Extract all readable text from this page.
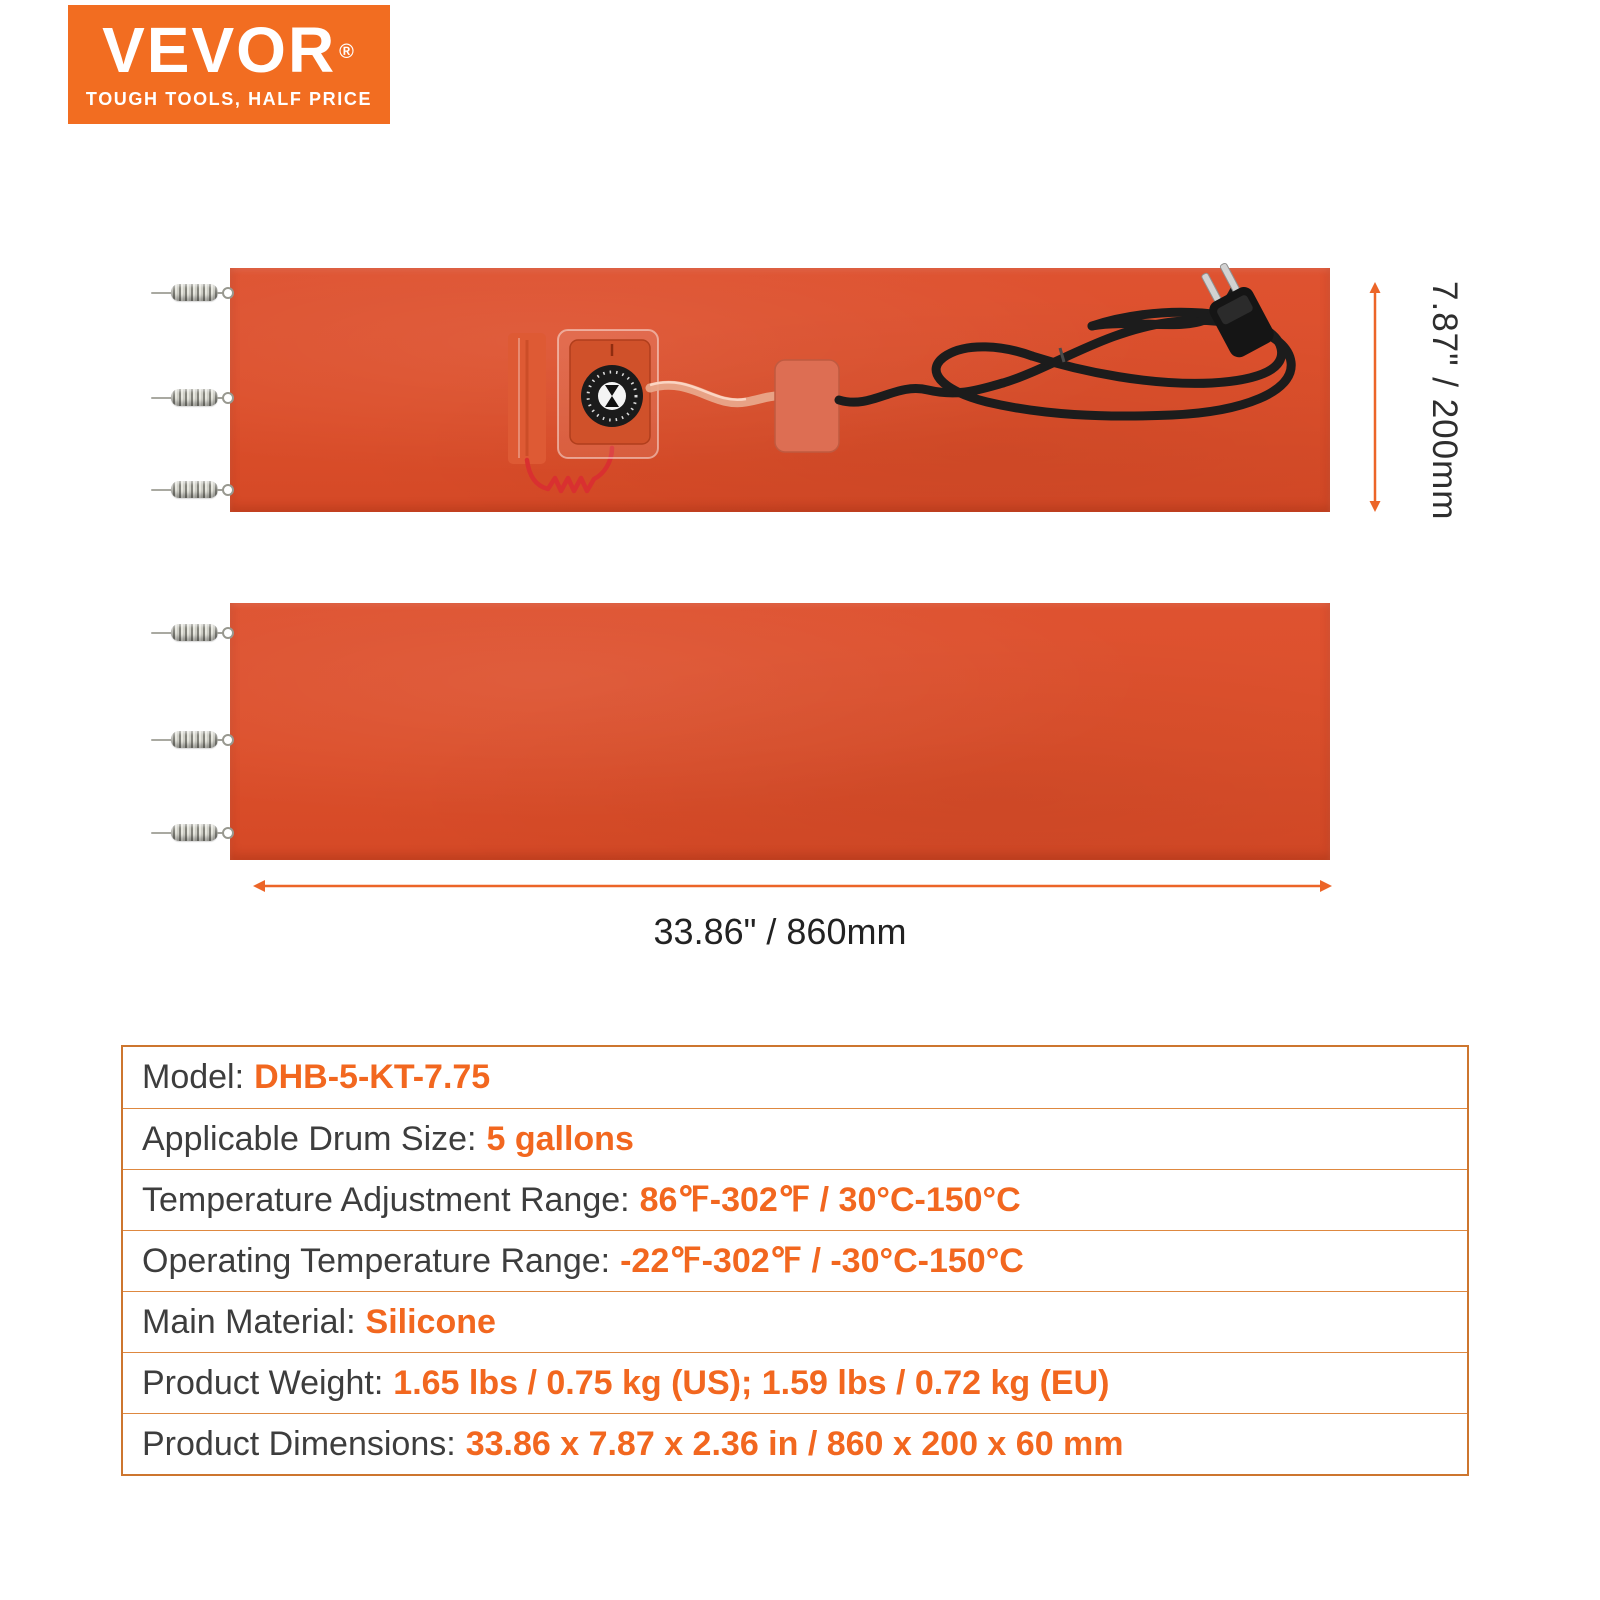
VEVOR ®
TOUGH TOOLS, HALF PRICE
7.87" / 200mm
33.86" / 860mm
Model: DHB-5-KT-7.75
Applicable Drum Size: 5 gallons
Temperature Adjustment Range: 86℉-302℉ / 30°C-150°C
Operating Temperature Range: -22℉-302℉ / -30°C-150°C
Main Material: Silicone
Product Weight: 1.65 lbs / 0.75 kg (US); 1.59 lbs / 0.72 kg (EU)
Product Dimensions: 33.86 x 7.87 x 2.36 in / 860 x 200 x 60 mm
